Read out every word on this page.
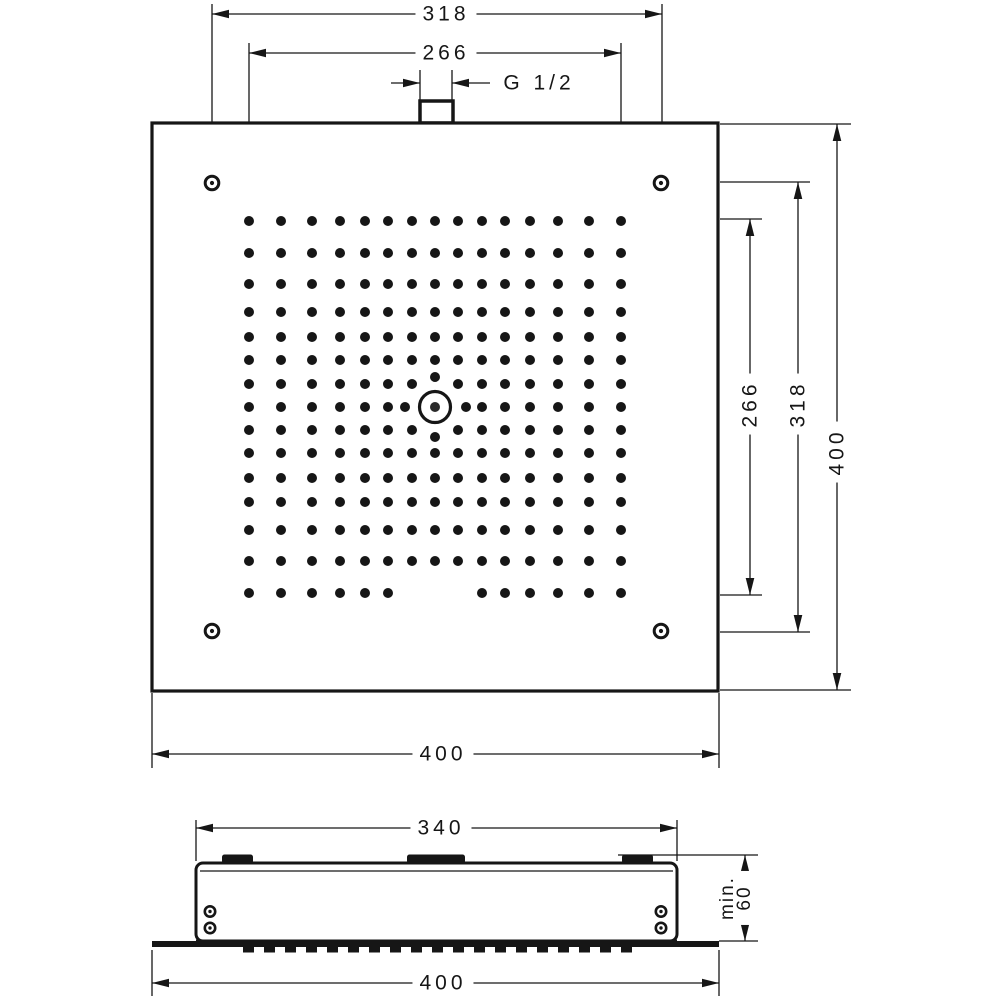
318
266
G 1/2
266 318
400
400
340
min.
60
400
